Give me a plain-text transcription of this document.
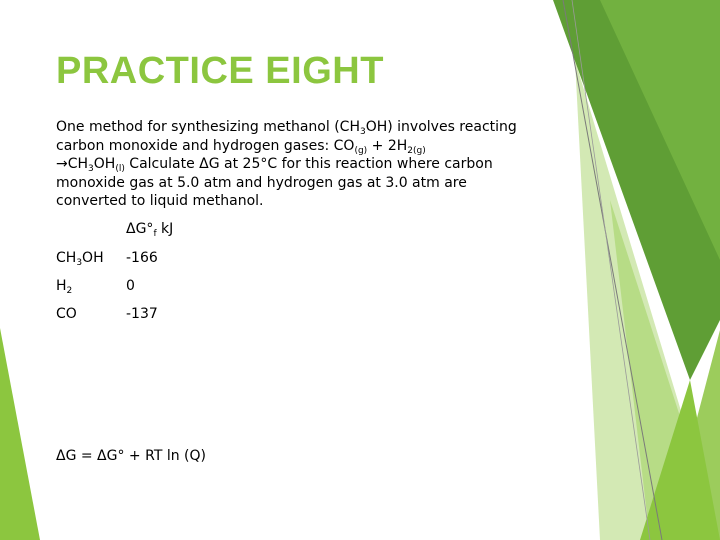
PRACTICE EIGHT

One method for synthesizing methanol $(CH_3OH)$ involves reacting carbon monoxide and hydrogen gases: $CO_{(g)} + 2H_{2(g)}$
$\to CH_3OH_{(l)}$ Calculate ΔG at 25°C for this reaction where carbon monoxide gas at 5.0 atm and hydrogen gas at 3.0 atm are converted to liquid methanol.

$\Delta G^\circ_f$ kJ
$CH_3OH$ -166
$H_2$	0
CO	-137
ΔG = ΔG° + RT ln (Q)
